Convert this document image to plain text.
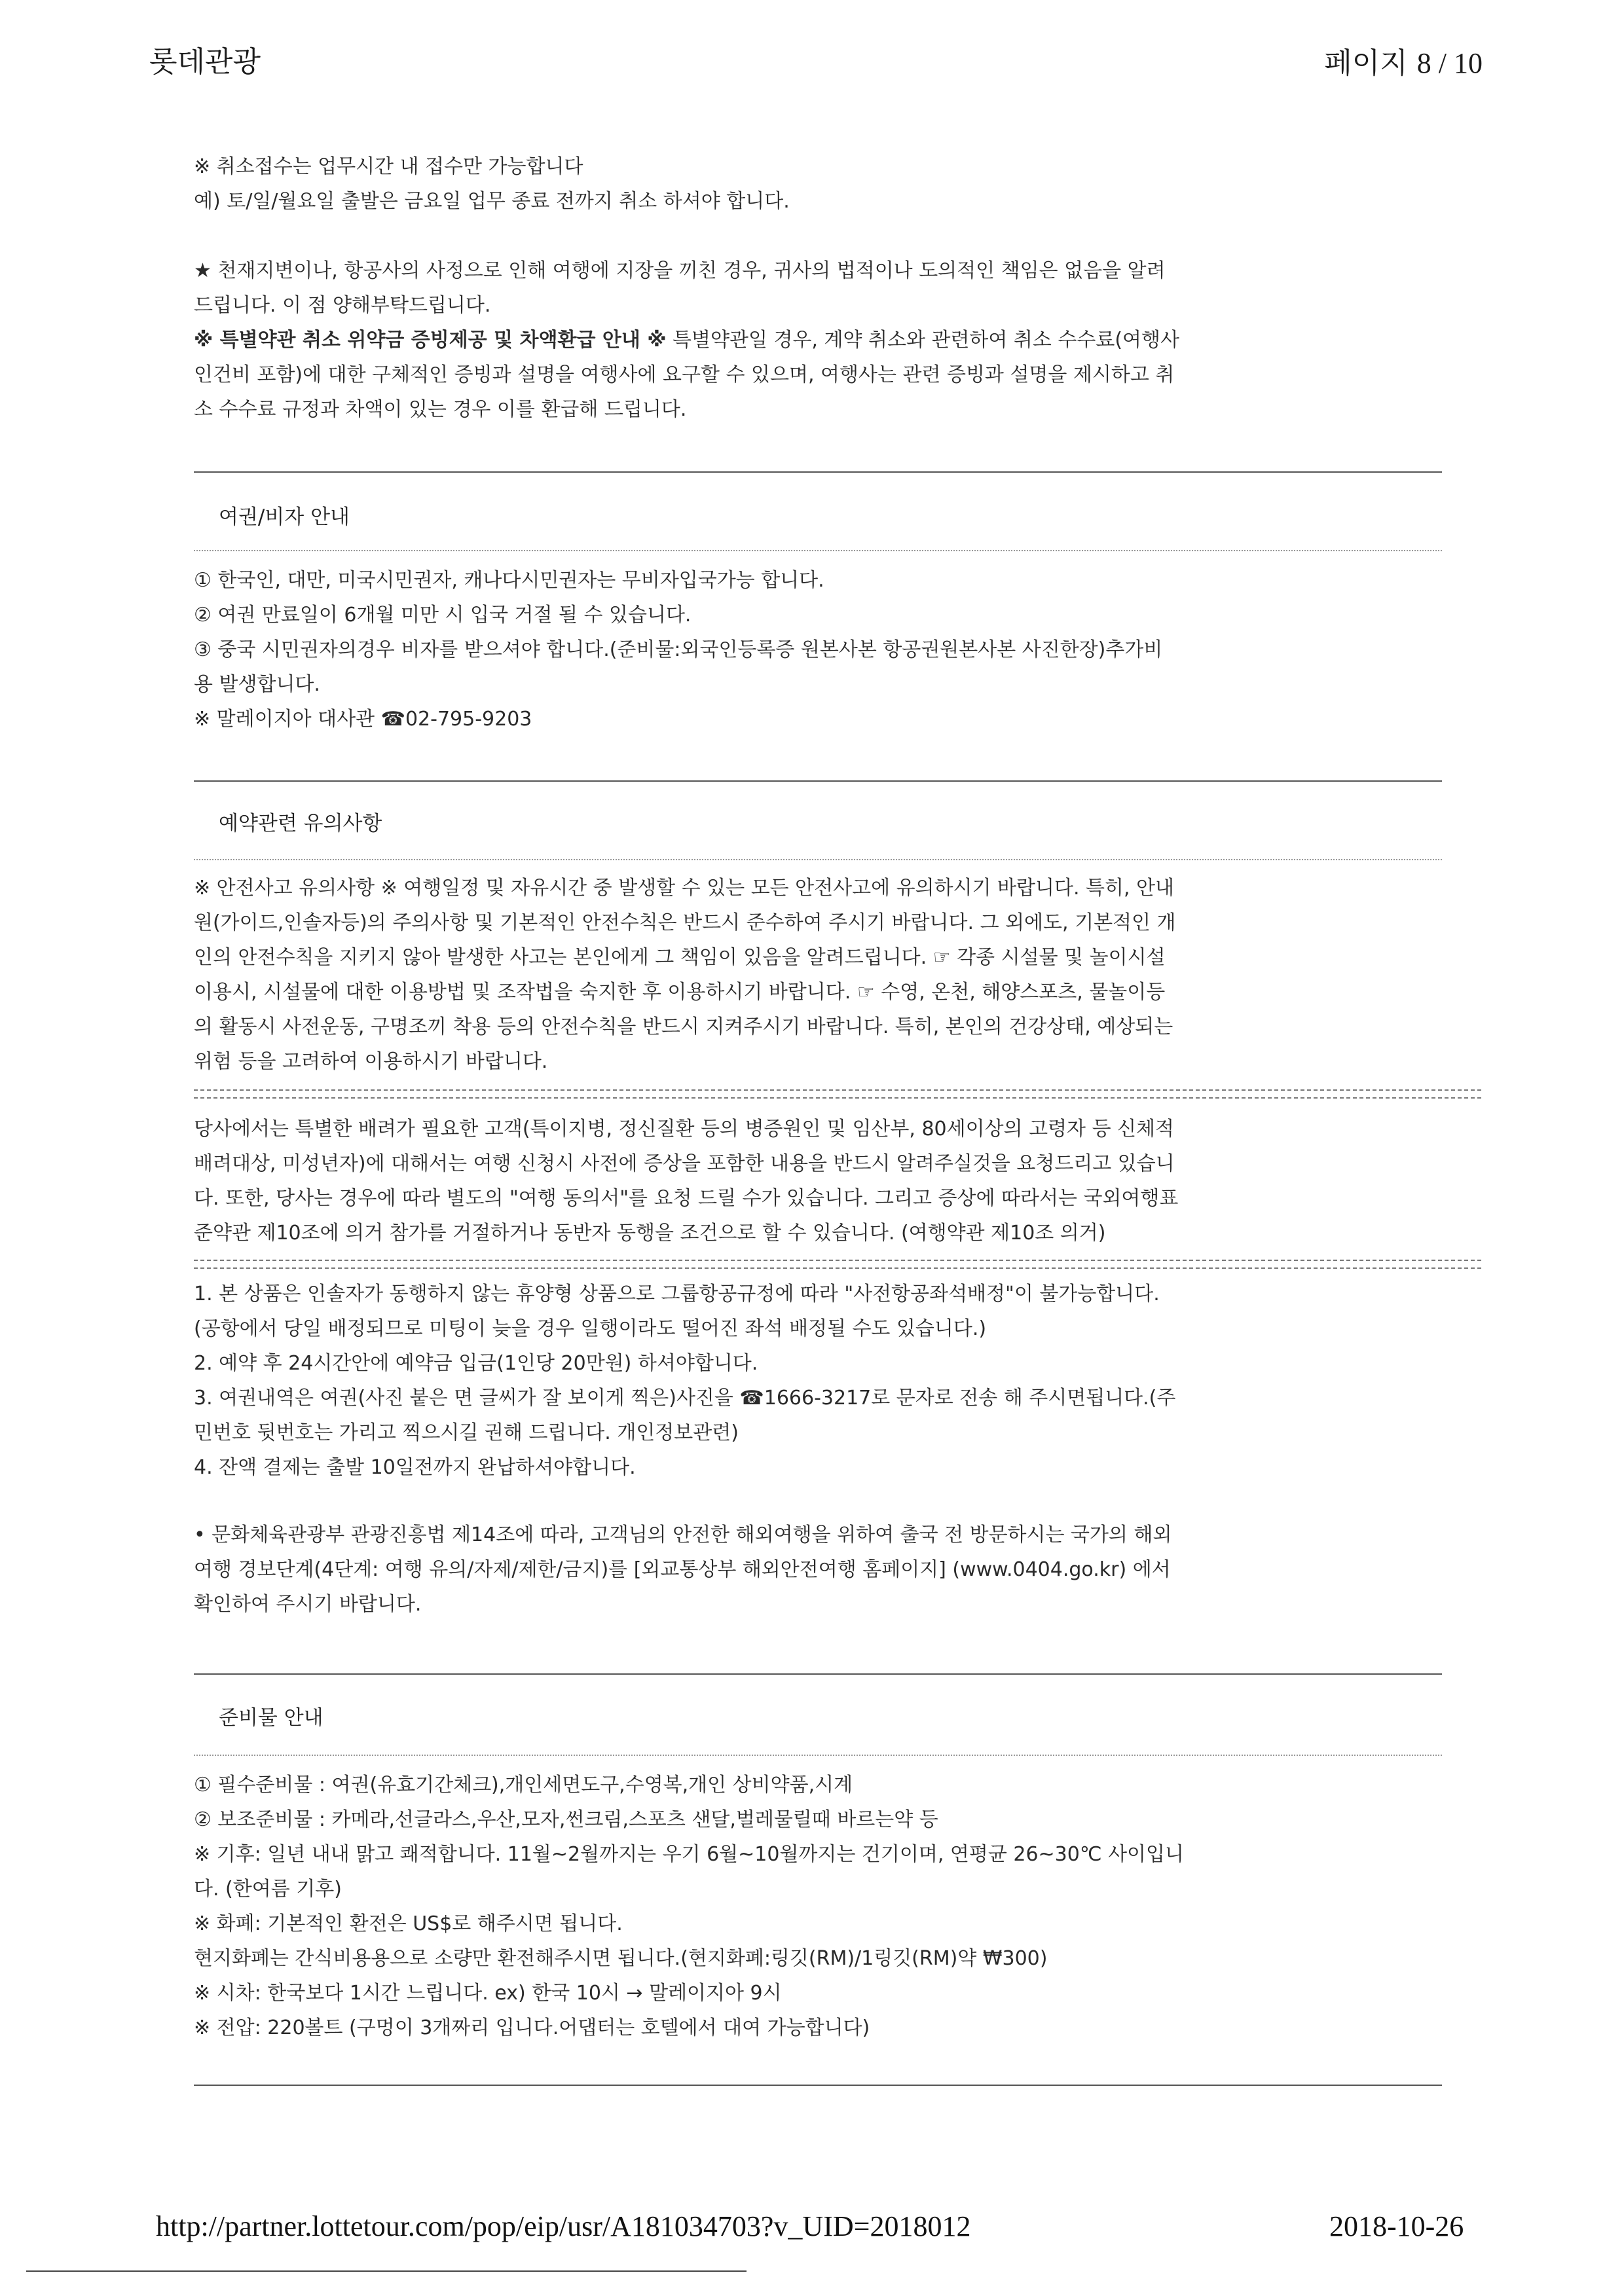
롯데관광	페이지 8 / 10
※ 취소접수는 업무시간 내 접수만 가능합니다
예) 토/일/월요일 출발은 금요일 업무 종료 전까지 취소 하셔야 합니다.

★ 천재지변이나, 항공사의 사정으로 인해 여행에 지장을 끼친 경우, 귀사의 법적이나 도의적인 책임은 없음을 알려
드립니다. 이 점 양해부탁드립니다.
※ 특별약관 취소 위약금 증빙제공 및 차액환급 안내 ※ 특별약관일 경우, 계약 취소와 관련하여 취소 수수료(여행사
인건비 포함)에 대한 구체적인 증빙과 설명을 여행사에 요구할 수 있으며, 여행사는 관련 증빙과 설명을 제시하고 취
소 수수료 규정과 차액이 있는 경우 이를 환급해 드립니다.
여권/비자 안내
① 한국인, 대만, 미국시민권자, 캐나다시민권자는 무비자입국가능 합니다.
② 여권 만료일이 6개월 미만 시 입국 거절 될 수 있습니다.
③ 중국 시민권자의경우 비자를 받으셔야 합니다.(준비물:외국인등록증 원본사본 항공권원본사본 사진한장)추가비
용 발생합니다.
※ 말레이지아 대사관 ☎02-795-9203
예약관련 유의사항
※ 안전사고 유의사항 ※ 여행일정 및 자유시간 중 발생할 수 있는 모든 안전사고에 유의하시기 바랍니다. 특히, 안내
원(가이드,인솔자등)의 주의사항 및 기본적인 안전수칙은 반드시 준수하여 주시기 바랍니다. 그 외에도, 기본적인 개
인의 안전수칙을 지키지 않아 발생한 사고는 본인에게 그 책임이 있음을 알려드립니다. ☞ 각종 시설물 및 놀이시설
이용시, 시설물에 대한 이용방법 및 조작법을 숙지한 후 이용하시기 바랍니다. ☞ 수영, 온천, 해양스포츠, 물놀이등
의 활동시 사전운동, 구명조끼 착용 등의 안전수칙을 반드시 지켜주시기 바랍니다. 특히, 본인의 건강상태, 예상되는
위험 등을 고려하여 이용하시기 바랍니다.
당사에서는 특별한 배려가 필요한 고객(특이지병, 정신질환 등의 병증원인 및 임산부, 80세이상의 고령자 등 신체적
배려대상, 미성년자)에 대해서는 여행 신청시 사전에 증상을 포함한 내용을 반드시 알려주실것을 요청드리고 있습니
다. 또한, 당사는 경우에 따라 별도의 "여행 동의서"를 요청 드릴 수가 있습니다. 그리고 증상에 따라서는 국외여행표
준약관 제10조에 의거 참가를 거절하거나 동반자 동행을 조건으로 할 수 있습니다. (여행약관 제10조 의거)
1. 본 상품은 인솔자가 동행하지 않는 휴양형 상품으로 그룹항공규정에 따라 "사전항공좌석배정"이 불가능합니다.
(공항에서 당일 배정되므로 미팅이 늦을 경우 일행이라도 떨어진 좌석 배정될 수도 있습니다.)
2. 예약 후 24시간안에 예약금 입금(1인당 20만원) 하셔야합니다.
3. 여권내역은 여권(사진 붙은 면 글씨가 잘 보이게 찍은)사진을 ☎1666-3217로 문자로 전송 해 주시면됩니다.(주
민번호 뒷번호는 가리고 찍으시길 권해 드립니다. 개인정보관련)
4. 잔액 결제는 출발 10일전까지 완납하셔야합니다.
• 문화체육관광부 관광진흥법 제14조에 따라, 고객님의 안전한 해외여행을 위하여 출국 전 방문하시는 국가의 해외
여행 경보단계(4단계: 여행 유의/자제/제한/금지)를 [외교통상부 해외안전여행 홈페이지] (www.0404.go.kr) 에서
확인하여 주시기 바랍니다.
준비물 안내
① 필수준비물 : 여권(유효기간체크),개인세면도구,수영복,개인 상비약품,시계
② 보조준비물 : 카메라,선글라스,우산,모자,썬크림,스포츠 샌달,벌레물릴때 바르는약 등
※ 기후: 일년 내내 맑고 쾌적합니다. 11월~2월까지는 우기 6월~10월까지는 건기이며, 연평균 26~30℃ 사이입니
다. (한여름 기후)
※ 화폐: 기본적인 환전은 US$로 해주시면 됩니다.
현지화폐는 간식비용용으로 소량만 환전해주시면 됩니다.(현지화폐:링깃(RM)/1링깃(RM)약 ₩300)
※ 시차: 한국보다 1시간 느립니다. ex) 한국 10시 → 말레이지아 9시
※ 전압: 220볼트 (구멍이 3개짜리 입니다.어댑터는 호텔에서 대여 가능합니다)
http://partner.lottetour.com/pop/eip/usr/A181034703?v_UID=2018012	2018-10-26
